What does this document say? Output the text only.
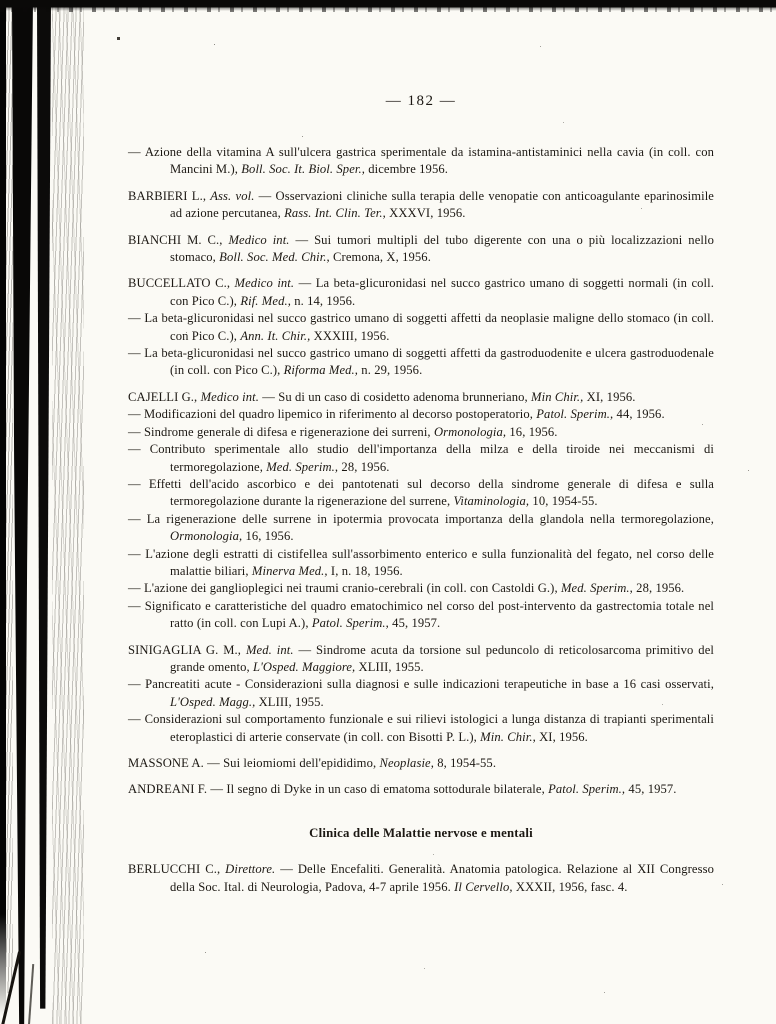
— 182 —
— Azione della vitamina A sull'ulcera gastrica sperimentale da istamina-antistaminici nella cavia (in coll. con Mancini M.), Boll. Soc. It. Biol. Sper., dicembre 1956.
BARBIERI L., Ass. vol. — Osservazioni cliniche sulla terapia delle venopatie con anticoagulante eparinosimile ad azione percutanea, Rass. Int. Clin. Ter., XXXVI, 1956.
BIANCHI M. C., Medico int. — Sui tumori multipli del tubo digerente con una o più localizzazioni nello stomaco, Boll. Soc. Med. Chir., Cremona, X, 1956.
BUCCELLATO C., Medico int. — La beta-glicuronidasi nel succo gastrico umano di soggetti normali (in coll. con Pico C.), Rif. Med., n. 14, 1956.
— La beta-glicuronidasi nel succo gastrico umano di soggetti affetti da neoplasie maligne dello stomaco (in coll. con Pico C.), Ann. It. Chir., XXXIII, 1956.
— La beta-glicuronidasi nel succo gastrico umano di soggetti affetti da gastroduodenite e ulcera gastroduodenale (in coll. con Pico C.), Riforma Med., n. 29, 1956.
CAJELLI G., Medico int. — Su di un caso di cosidetto adenoma brunneriano, Min Chir., XI, 1956.
— Modificazioni del quadro lipemico in riferimento al decorso postoperatorio, Patol. Sperim., 44, 1956.
— Sindrome generale di difesa e rigenerazione dei surreni, Ormonologia, 16, 1956.
— Contributo sperimentale allo studio dell'importanza della milza e della tiroide nei meccanismi di termoregolazione, Med. Sperim., 28, 1956.
— Effetti dell'acido ascorbico e dei pantotenati sul decorso della sindrome generale di difesa e sulla termoregolazione durante la rigenerazione del surrene, Vitaminologia, 10, 1954-55.
— La rigenerazione delle surrene in ipotermia provocata importanza della glandola nella termoregolazione, Ormonologia, 16, 1956.
— L'azione degli estratti di cistifellea sull'assorbimento enterico e sulla funzionalità del fegato, nel corso delle malattie biliari, Minerva Med., I, n. 18, 1956.
— L'azione dei ganglioplegici nei traumi cranio-cerebrali (in coll. con Castoldi G.), Med. Sperim., 28, 1956.
— Significato e caratteristiche del quadro ematochimico nel corso del post-intervento da gastrectomia totale nel ratto (in coll. con Lupi A.), Patol. Sperim., 45, 1957.
SINIGAGLIA G. M., Med. int. — Sindrome acuta da torsione sul peduncolo di reticolosarcoma primitivo del grande omento, L'Osped. Maggiore, XLIII, 1955.
— Pancreatiti acute - Considerazioni sulla diagnosi e sulle indicazioni terapeutiche in base a 16 casi osservati, L'Osped. Magg., XLIII, 1955.
— Considerazioni sul comportamento funzionale e sui rilievi istologici a lunga distanza di trapianti sperimentali eteroplastici di arterie conservate (in coll. con Bisotti P. L.), Min. Chir., XI, 1956.
MASSONE A. — Sui leiomiomi dell'epididimo, Neoplasie, 8, 1954-55.
ANDREANI F. — Il segno di Dyke in un caso di ematoma sottodurale bilaterale, Patol. Sperim., 45, 1957.
Clinica delle Malattie nervose e mentali
BERLUCCHI C., Direttore. — Delle Encefaliti. Generalità. Anatomia patologica. Relazione al XII Congresso della Soc. Ital. di Neurologia, Padova, 4-7 aprile 1956. Il Cervello, XXXII, 1956, fasc. 4.
